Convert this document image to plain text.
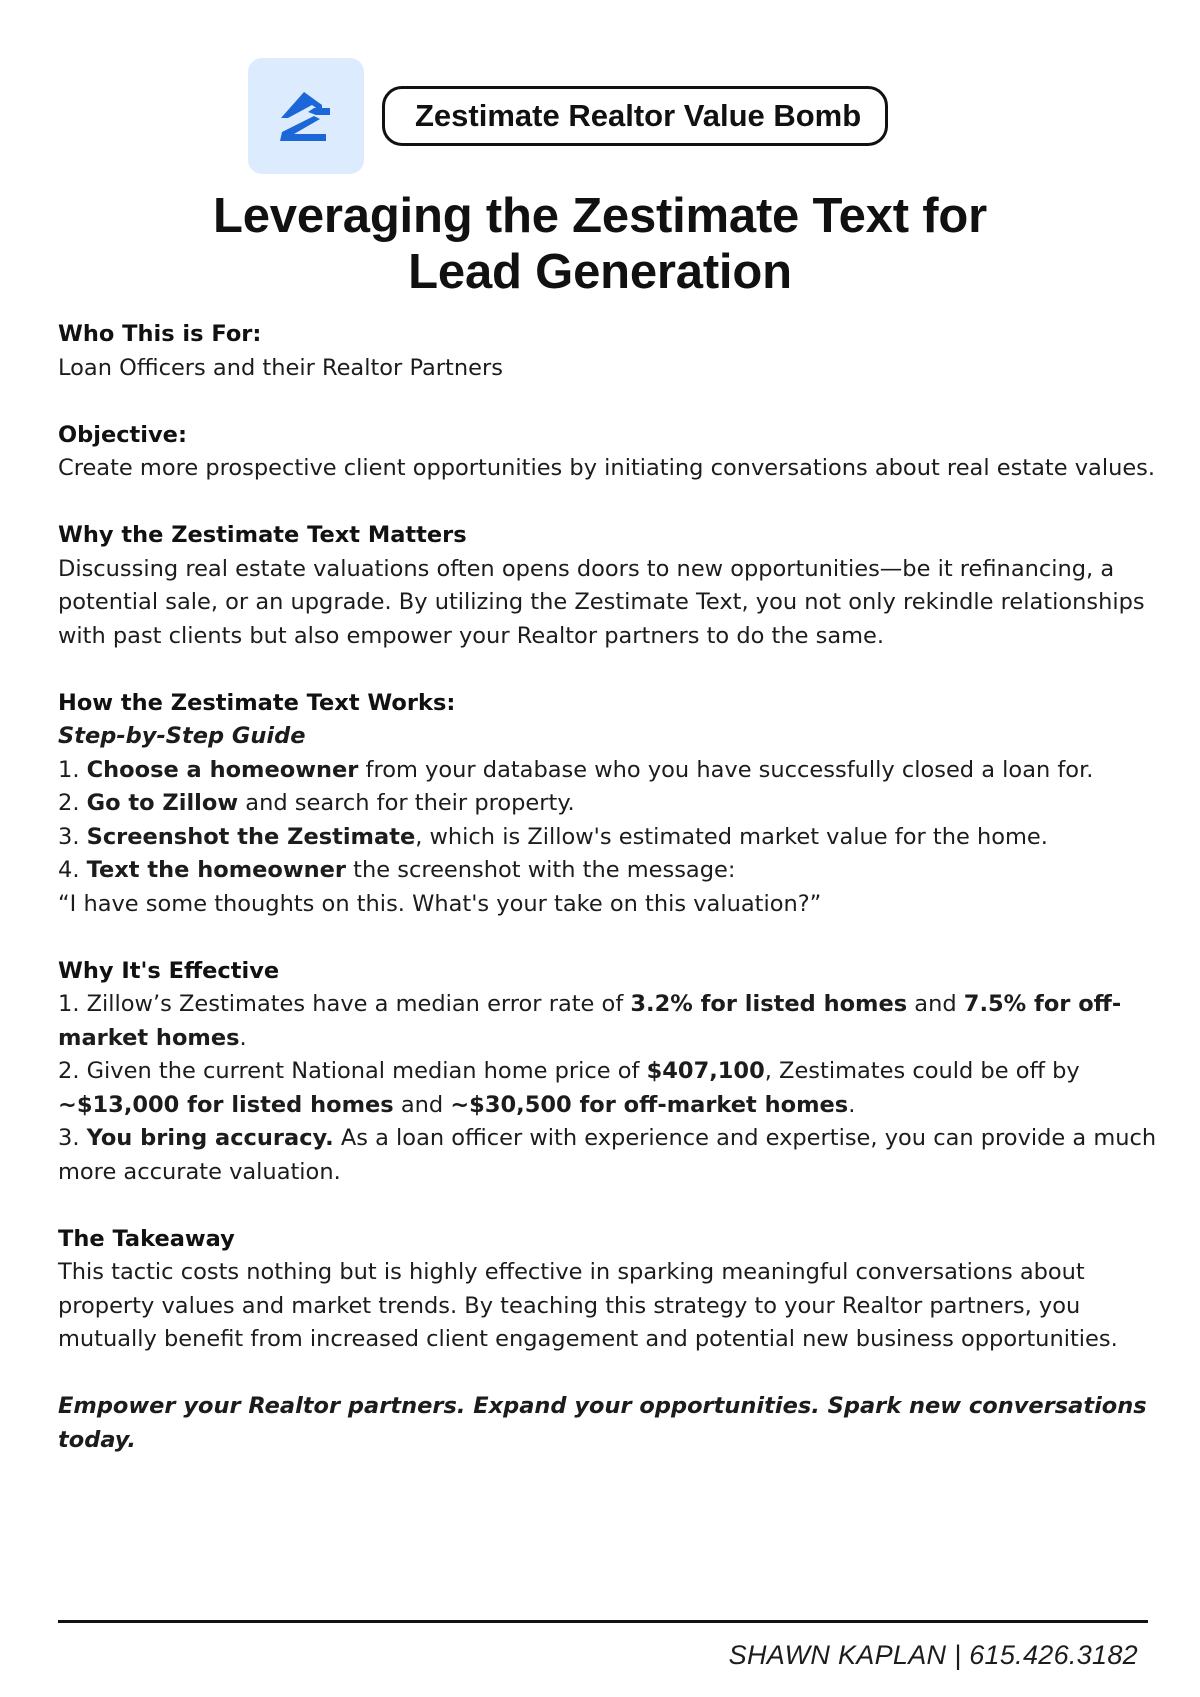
Zestimate Realtor Value Bomb
Leveraging the Zestimate Text for
Lead Generation

Who This is For:

Loan Officers and their Realtor Partners

Objective:

Create more prospective client opportunities by initiating conversations about real estate values.

Why the Zestimate Text Matters

Discussing real estate valuations often opens doors to new opportunities—be it refinancing, a potential sale, or an upgrade. By utilizing the Zestimate Text, you not only rekindle relationships with past clients but also empower your Realtor partners to do the same.

How the Zestimate Text Works:

Step-by-Step Guide

1. Choose a homeowner from your database who you have successfully closed a loan for.

2. Go to Zillow and search for their property.

3. Screenshot the Zestimate, which is Zillow's estimated market value for the home.

4. Text the homeowner the screenshot with the message:

“I have some thoughts on this. What's your take on this valuation?”

Why It's Effective

1. Zillow’s Zestimates have a median error rate of 3.2% for listed homes and 7.5% for off-market homes.

2. Given the current National median home price of $407,100, Zestimates could be off by ~$13,000 for listed homes and ~$30,500 for off-market homes.

3. You bring accuracy. As a loan officer with experience and expertise, you can provide a much more accurate valuation.

The Takeaway

This tactic costs nothing but is highly effective in sparking meaningful conversations about property values and market trends. By teaching this strategy to your Realtor partners, you mutually benefit from increased client engagement and potential new business opportunities.

Empower your Realtor partners. Expand your opportunities. Spark new conversations today.

SHAWN KAPLAN | 615.426.3182
